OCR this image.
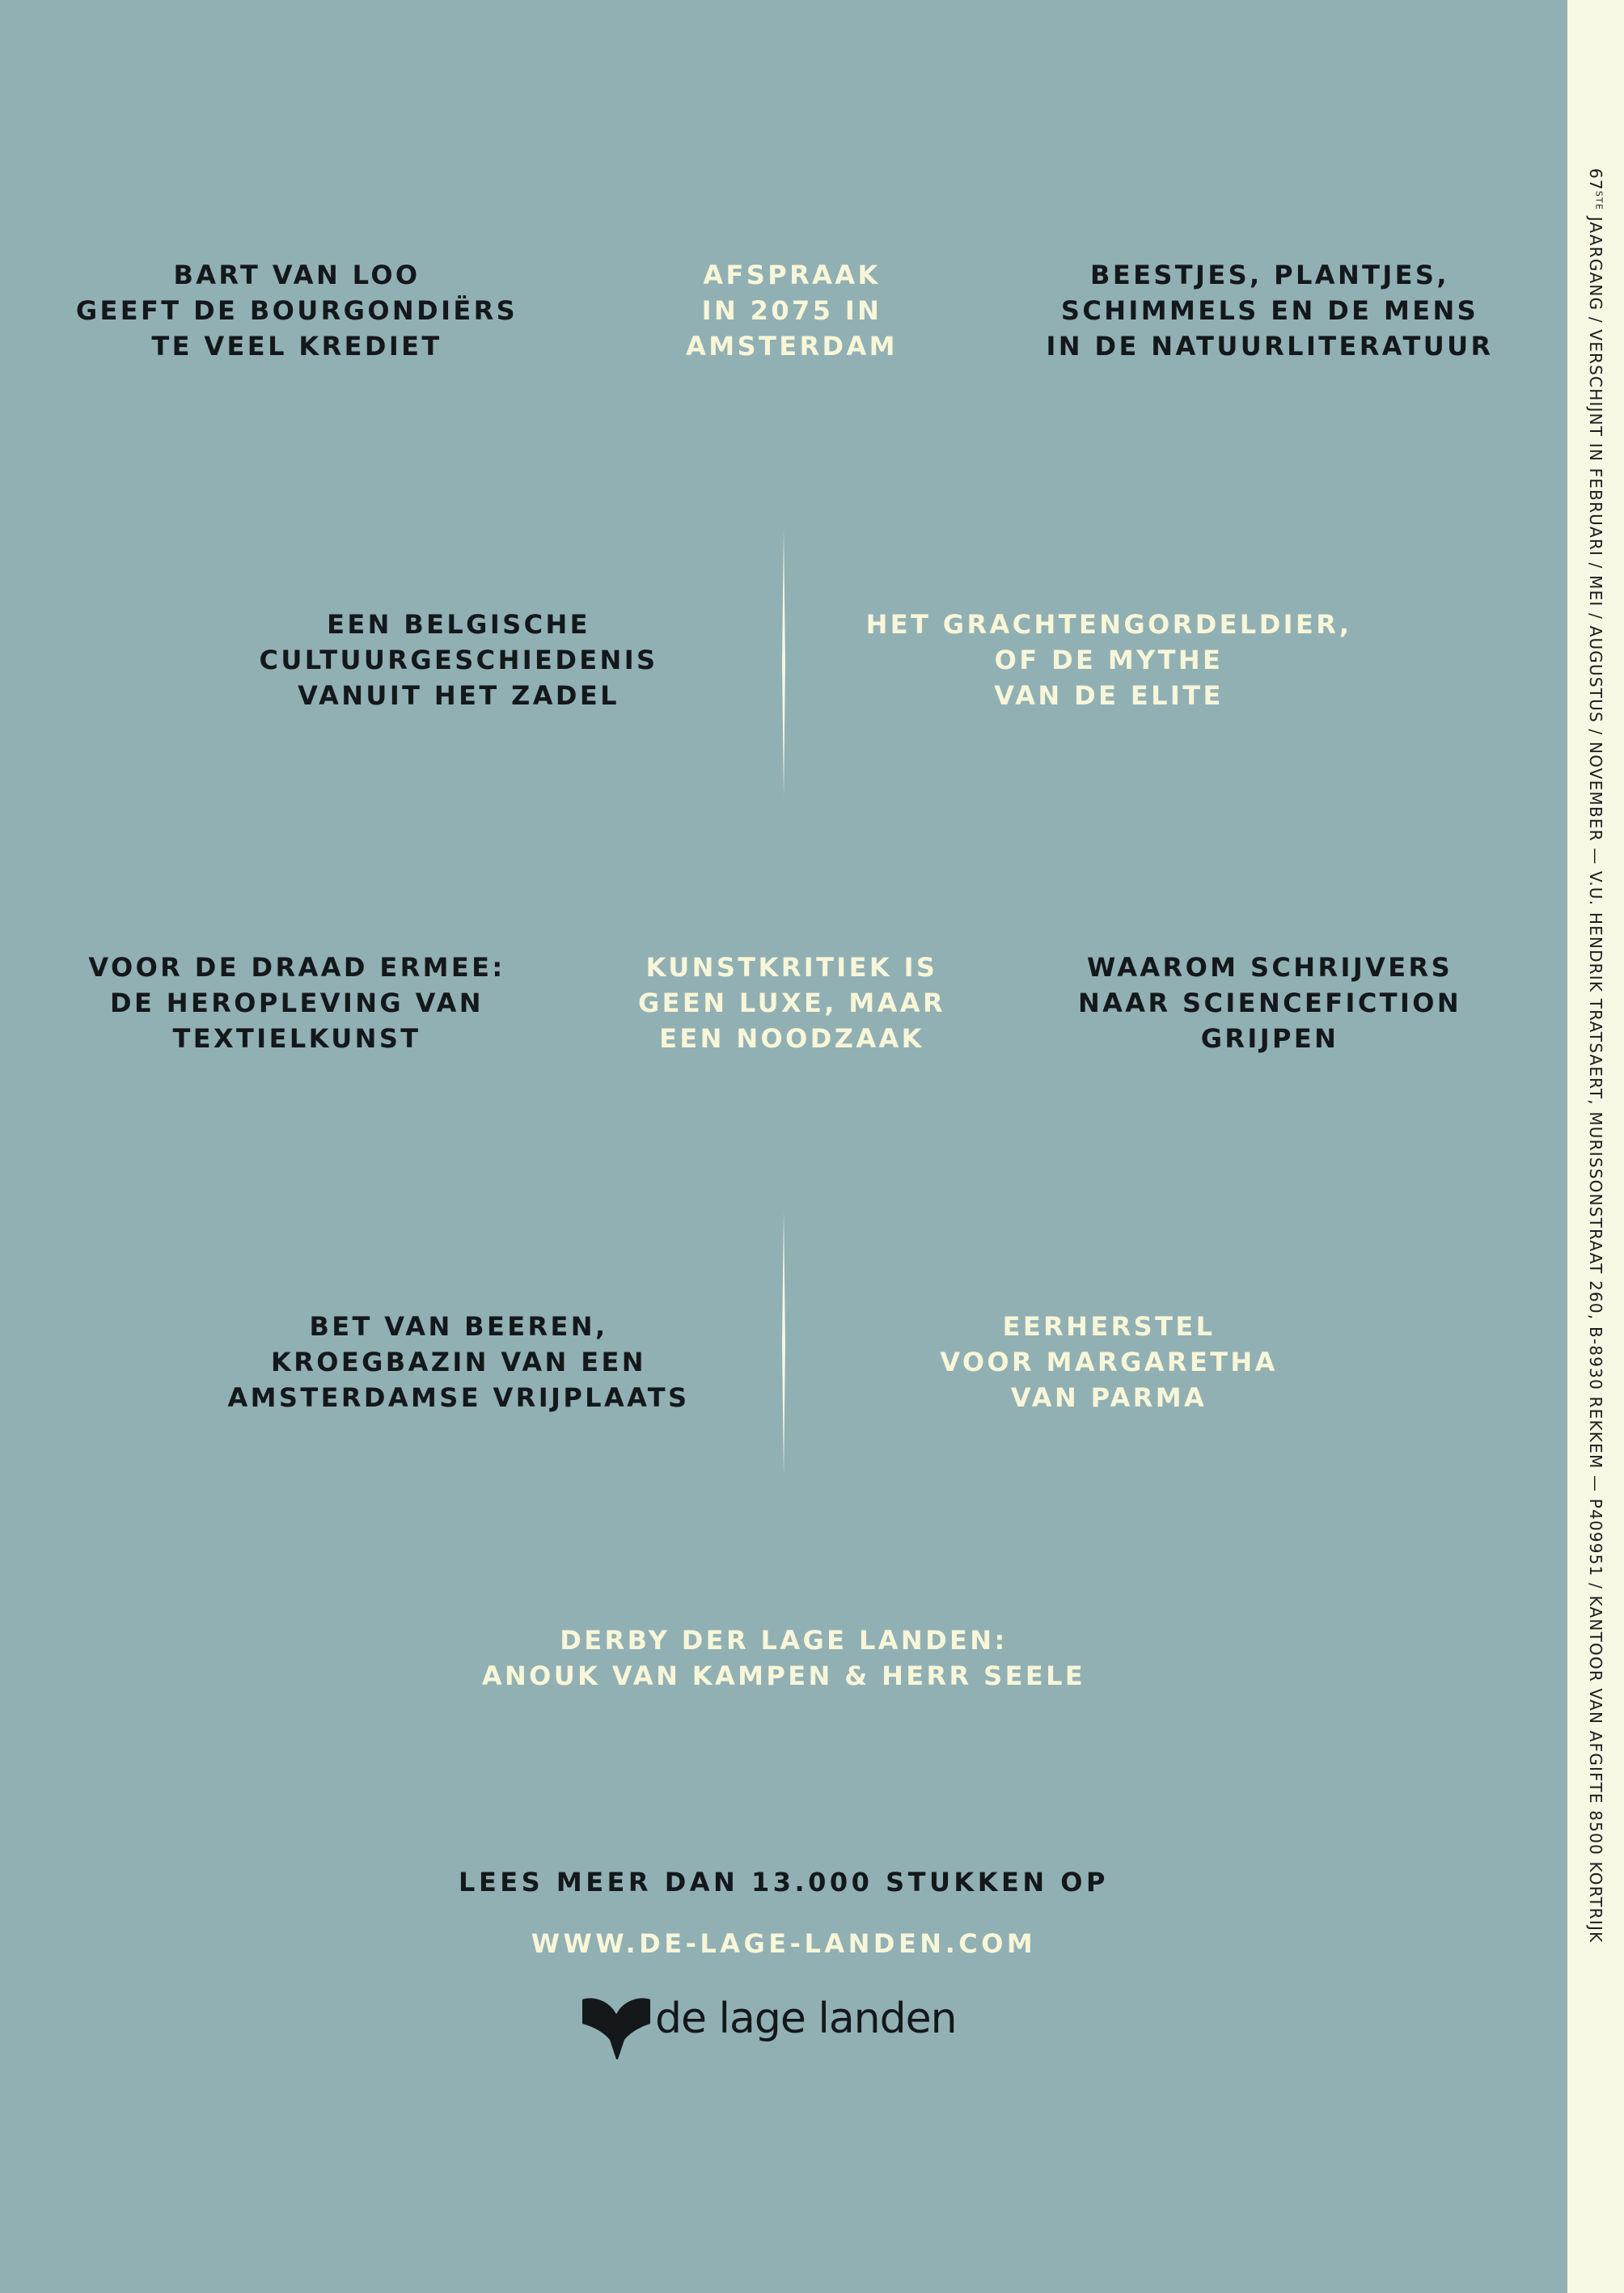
67STE JAARGANG / VERSCHIJNT IN FEBRUARI / MEI / AUGUSTUS / NOVEMBER — V.U. HENDRIK TRATSAERT, MURISSONSTRAAT 260, B-8930 REKKEM — P409951 / KANTOOR VAN AFGIFTE 8500 KORTRIJK
BART VAN LOO
GEEFT DE BOURGONDIËRS
TE VEEL KREDIET
AFSPRAAK
IN 2075 IN
AMSTERDAM
BEESTJES, PLANTJES,
SCHIMMELS EN DE MENS
IN DE NATUURLITERATUUR
EEN BELGISCHE
CULTUURGESCHIEDENIS
VANUIT HET ZADEL
HET GRACHTENGORDELDIER,
OF DE MYTHE
VAN DE ELITE
VOOR DE DRAAD ERMEE:
DE HEROPLEVING VAN
TEXTIELKUNST
KUNSTKRITIEK IS
GEEN LUXE, MAAR
EEN NOODZAAK
WAAROM SCHRIJVERS
NAAR SCIENCEFICTION
GRIJPEN
BET VAN BEEREN,
KROEGBAZIN VAN EEN
AMSTERDAMSE VRIJPLAATS
EERHERSTEL
VOOR MARGARETHA
VAN PARMA
DERBY DER LAGE LANDEN:
ANOUK VAN KAMPEN & HERR SEELE
LEES MEER DAN 13.000 STUKKEN OP
WWW.DE-LAGE-LANDEN.COM
de lage landen
